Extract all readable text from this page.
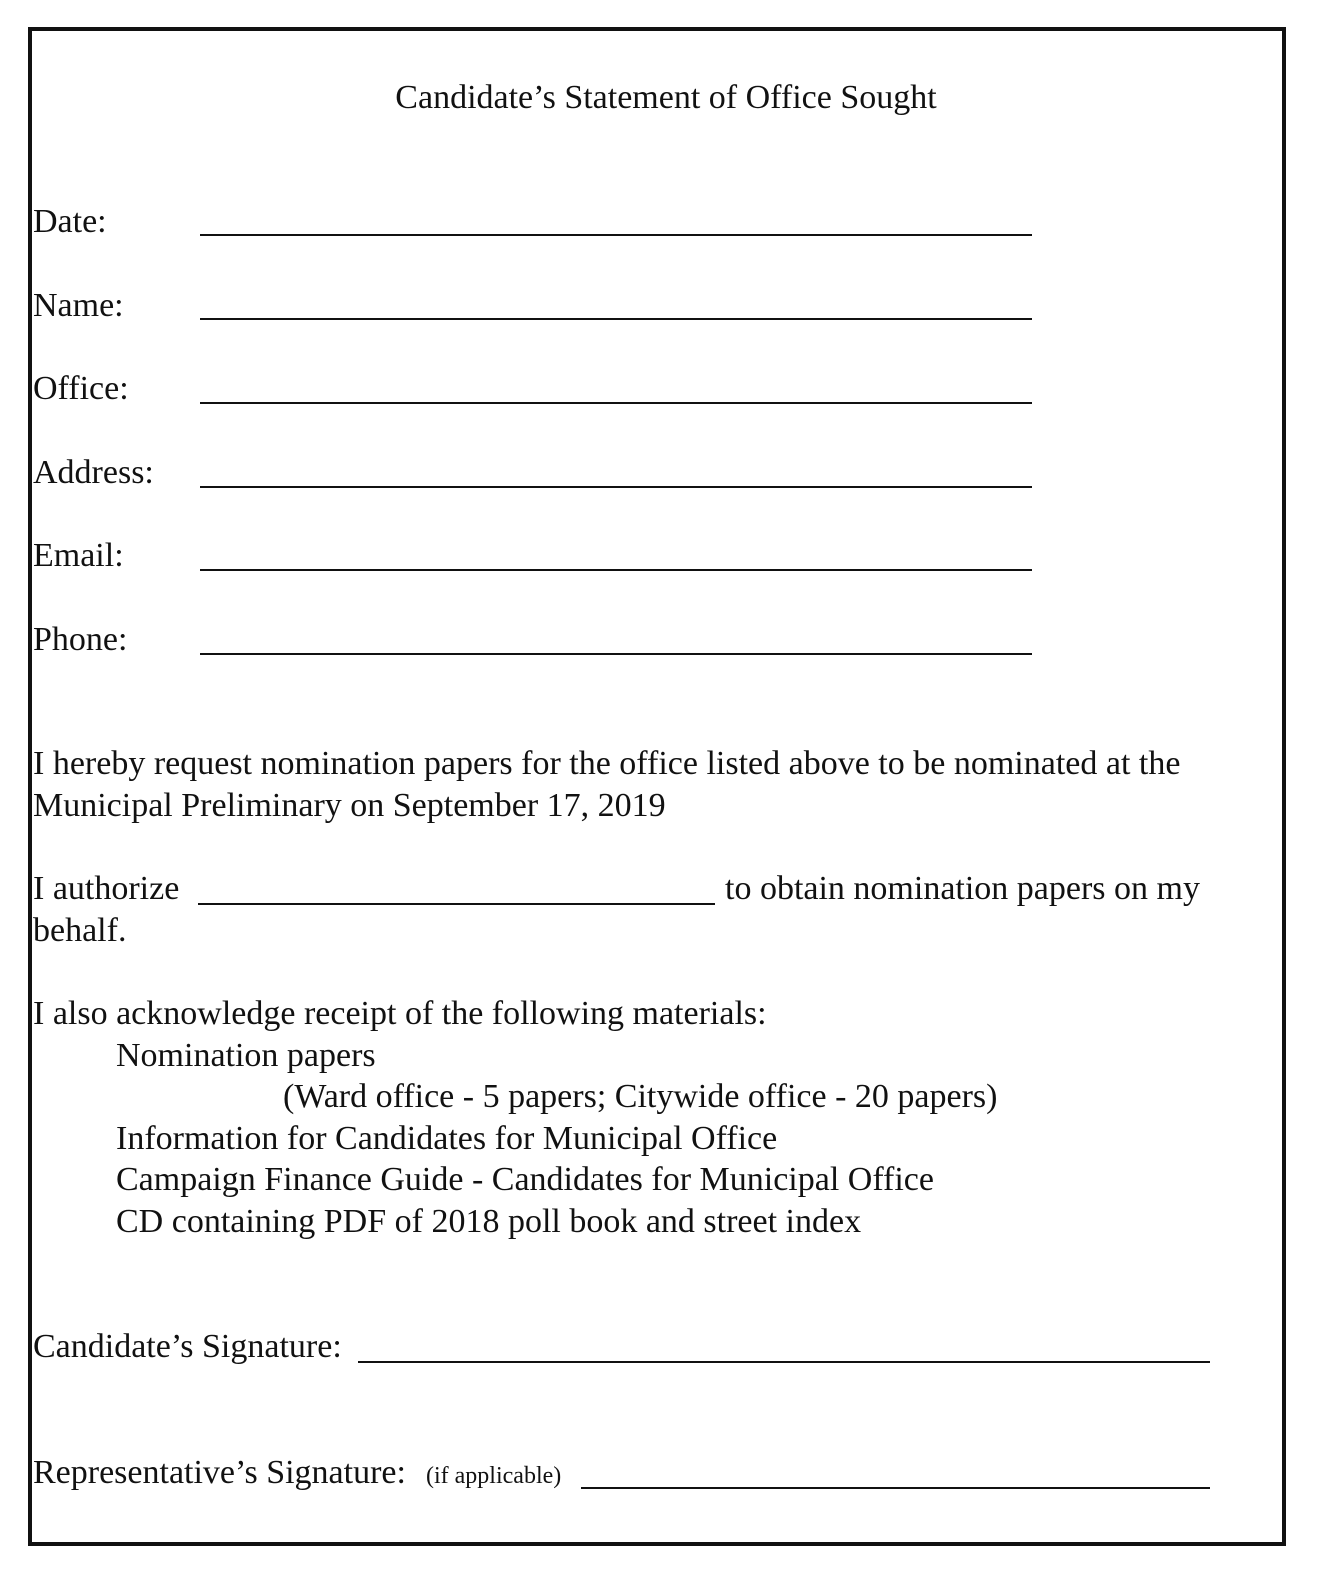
Candidate’s Statement of Office Sought
Date:
Name:
Office:
Address:
Email:
Phone:
I hereby request nomination papers for the office listed above to be nominated at the
Municipal Preliminary on September 17, 2019
I authorize	to obtain nomination papers on my
behalf.
I also acknowledge receipt of the following materials:
Nomination papers
(Ward office - 5 papers; Citywide office - 20 papers)
Information for Candidates for Municipal Office
Campaign Finance Guide - Candidates for Municipal Office
CD containing PDF of 2018 poll book and street index
Candidate’s Signature:
Representative’s Signature: (if applicable)
